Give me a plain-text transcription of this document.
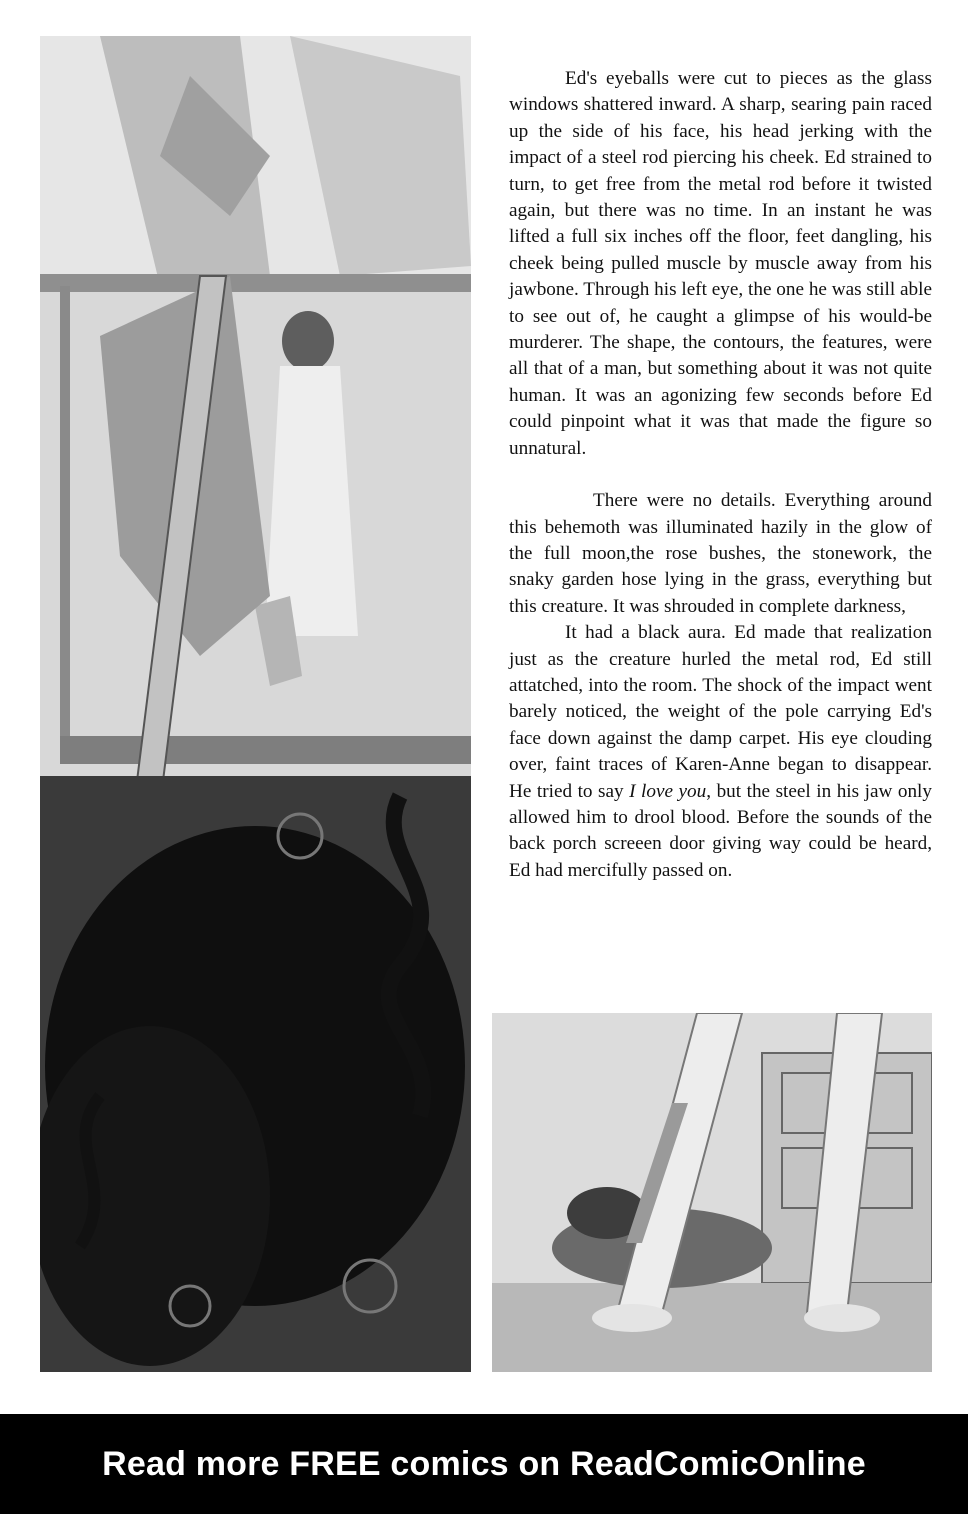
Ed's eyeballs were cut to pieces as the glass windows shattered inward. A sharp, searing pain raced up the side of his face, his head jerking with the impact of a steel rod piercing his cheek. Ed strained to turn, to get free from the metal rod before it twisted again, but there was no time. In an instant he was lifted a full six inches off the floor, feet dangling, his cheek being pulled muscle by muscle away from his jawbone. Through his left eye, the one he was still able to see out of, he caught a glimpse of his would-be murderer. The shape, the contours, the features, were all that of a man, but something about it was not quite human. It was an agonizing few seconds before Ed could pinpoint what it was that made the figure so unnatural.

There were no details. Everything around this behemoth was illuminated hazily in the glow of the full moon,the rose bushes, the stonework, the snaky garden hose lying in the grass, everything but this creature. It was shrouded in complete darkness,

It had a black aura. Ed made that realization just as the creature hurled the metal rod, Ed still attatched, into the room. The shock of the impact went barely noticed, the weight of the pole carrying Ed's face down against the damp carpet. His eye clouding over, faint traces of Karen-Anne began to disappear. He tried to say I love you, but the steel in his jaw only allowed him to drool blood. Before the sounds of the back porch screeen door giving way could be heard, Ed had mercifully passed on.

Read more FREE comics on ReadComicOnline
